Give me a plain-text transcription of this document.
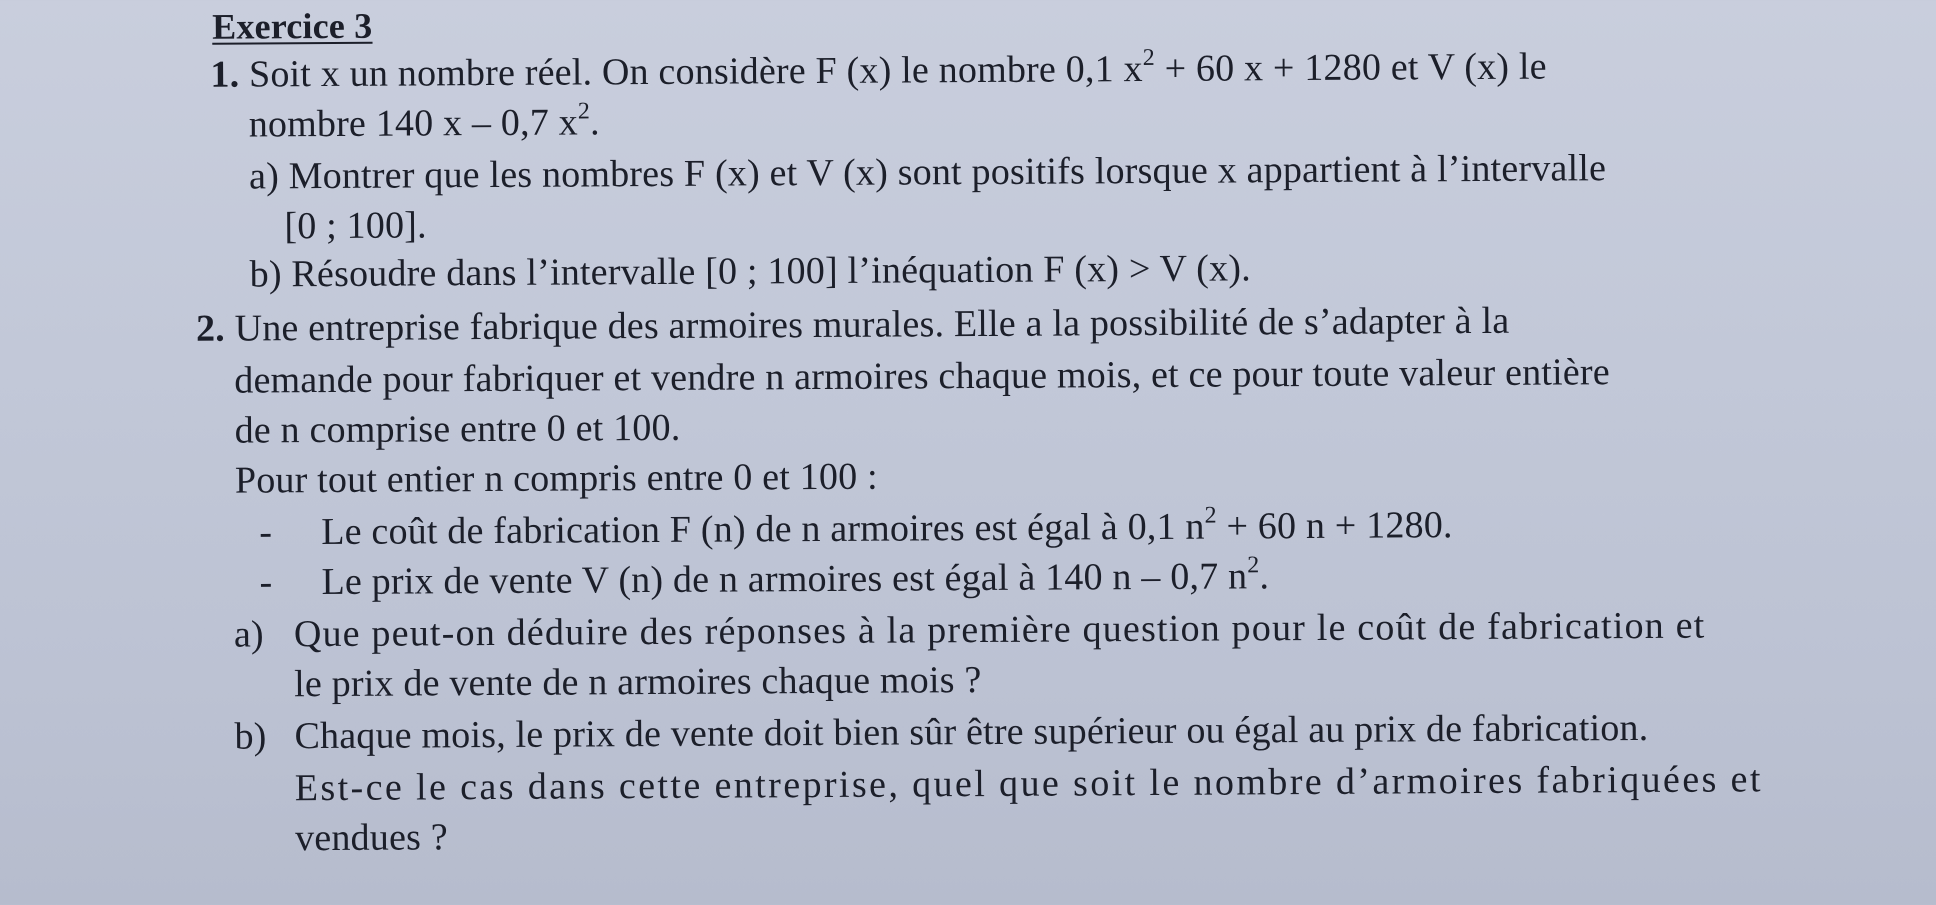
Exercice 3
1. Soit x un nombre réel. On considère F (x) le nombre 0,1 $x^2 + 60$ x + 1280 et V (x) le
nombre 140 x – 0,7 $x^2$.
a) Montrer que les nombres F (x) et V (x) sont positifs lorsque x appartient à l’intervalle
[0 ; 100].
b) Résoudre dans l’intervalle [0 ; 100] l’inéquation F (x) > V (x).
2. Une entreprise fabrique des armoires murales. Elle a la possibilité de s’adapter à la
demande pour fabriquer et vendre n armoires chaque mois, et ce pour toute valeur entière
de n comprise entre 0 et 100.
Pour tout entier n compris entre 0 et 100 :
- Le coût de fabrication F (n) de n armoires est égal à 0,1 $n^2 + 60$ n + 1280.
- Le prix de vente V (n) de n armoires est égal à 140 n – 0,7 $n^2$.
a) Que peut-on déduire des réponses à la première question pour le coût de fabrication et
le prix de vente de n armoires chaque mois ?
b) Chaque mois, le prix de vente doit bien sûr être supérieur ou égal au prix de fabrication.
Est-ce le cas dans cette entreprise, quel que soit le nombre d’armoires fabriquées et
vendues ?
